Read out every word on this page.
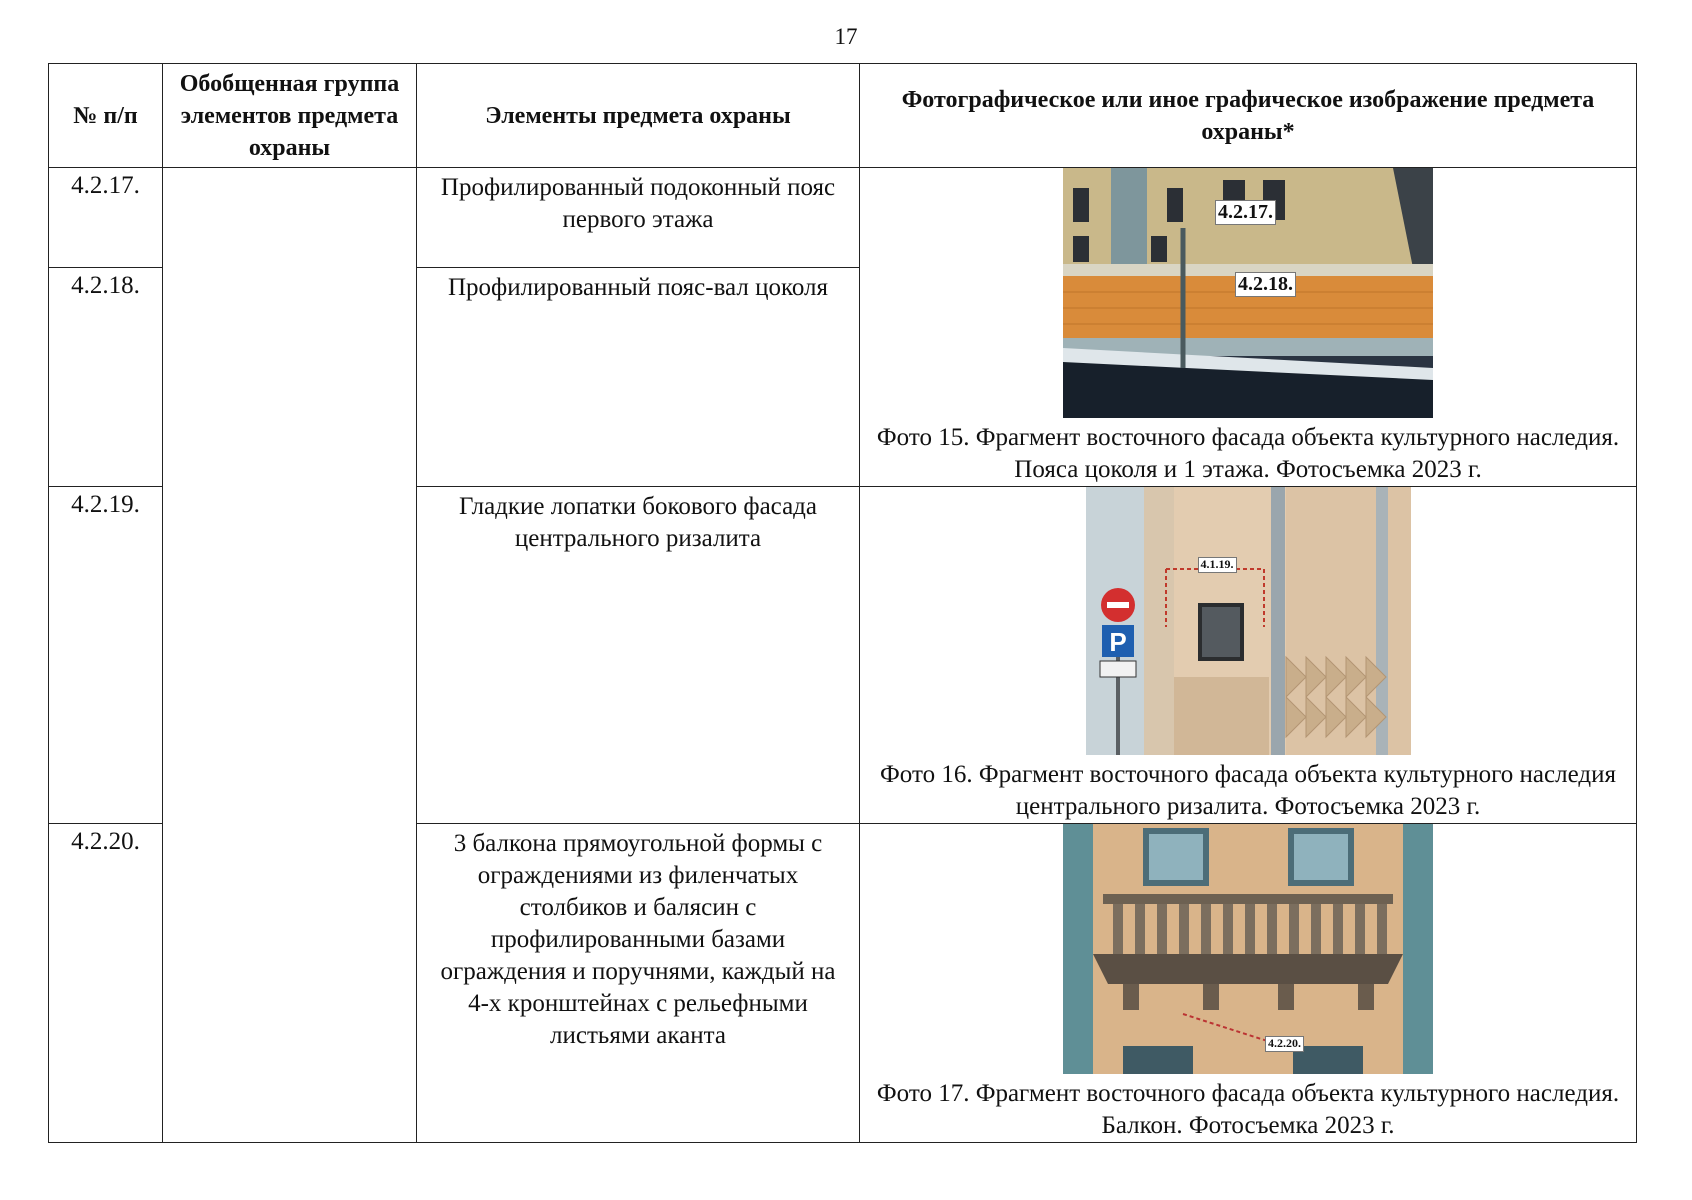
17
№ п/п	Обобщенная группа элементов предмета охраны	Элементы предмета охраны	Фотографическое или иное графическое изображение предмета охраны*
4.2.17.		Профилированный подоконный пояс первого этажа	4.2.17.
4.2.18.
Фото 15. Фрагмент восточного фасада объекта культурного наследия. Пояса цоколя и 1 этажа. Фотосъемка 2023 г.

4.2.18.		Профилированный пояс-вал цоколя	
4.2.19.		Гладкие лопатки бокового фасада центрального ризалита	P
4.1.19.
Фото 16. Фрагмент восточного фасада объекта культурного наследия центрального ризалита. Фотосъемка 2023 г.

4.2.20.		3 балкона прямоугольной формы с ограждениями из филенчатых столбиков и балясин с профилированными базами ограждения и поручнями, каждый на 4-х кронштейнах с рельефными листьями аканта	4.2.20.
Фото 17. Фрагмент восточного фасада объекта культурного наследия. Балкон. Фотосъемка 2023 г.
